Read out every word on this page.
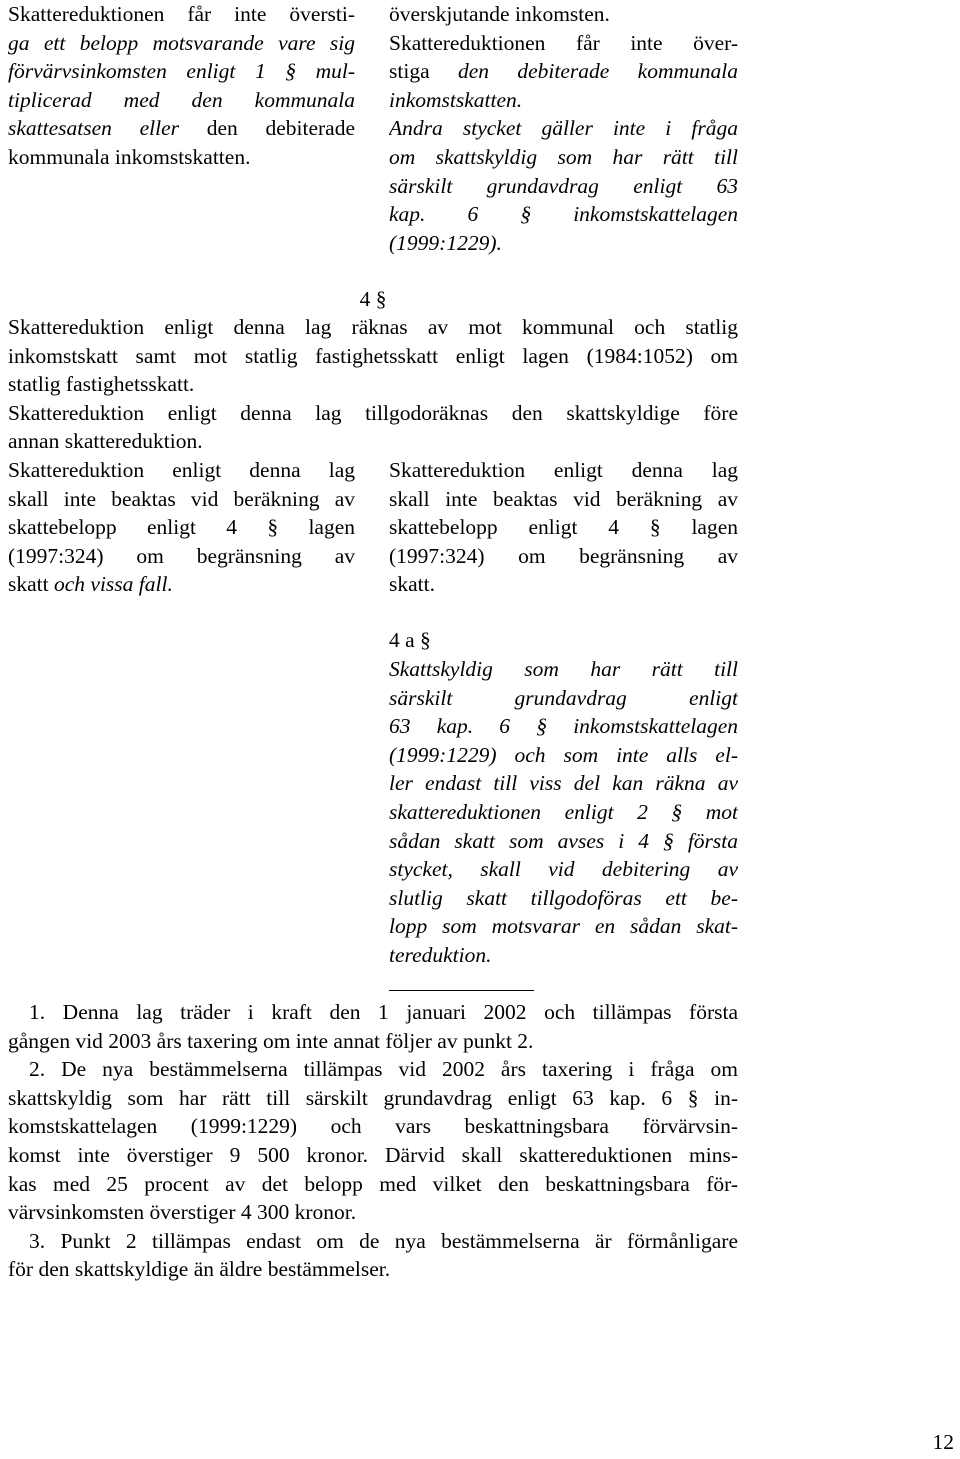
Skattereduktionen får inte översti-
ga ett belopp motsvarande vare sig
förvärvsinkomsten enligt 1 § mul-
tiplicerad med den kommunala
skattesatsen eller den debiterade
kommunala inkomstskatten.
överskjutande inkomsten.
Skattereduktionen får inte över-
stiga den debiterade kommunala
inkomstskatten.
Andra stycket gäller inte i fråga
om skattskyldig som har rätt till
särskilt grundavdrag enligt 63
kap. 6 § inkomstskattelagen
(1999:1229).
4 §
Skattereduktion enligt denna lag räknas av mot kommunal och statlig
inkomstskatt samt mot statlig fastighetsskatt enligt lagen (1984:1052) om
statlig fastighetsskatt.
Skattereduktion enligt denna lag tillgodoräknas den skattskyldige före
annan skattereduktion.
Skattereduktion enligt denna lag
skall inte beaktas vid beräkning av
skattebelopp enligt 4 § lagen
(1997:324) om begränsning av
skatt och vissa fall.
Skattereduktion enligt denna lag
skall inte beaktas vid beräkning av
skattebelopp enligt 4 § lagen
(1997:324) om begränsning av
skatt.
4 a §
Skattskyldig som har rätt till
särskilt grundavdrag enligt
63 kap. 6 § inkomstskattelagen
(1999:1229) och som inte alls el-
ler endast till viss del kan räkna av
skattereduktionen enligt 2 § mot
sådan skatt som avses i 4 § första
stycket, skall vid debitering av
slutlig skatt tillgodoföras ett be-
lopp som motsvarar en sådan skat-
tereduktion.
1. Denna lag träder i kraft den 1 januari 2002 och tillämpas första
gången vid 2003 års taxering om inte annat följer av punkt 2.
2. De nya bestämmelserna tillämpas vid 2002 års taxering i fråga om
skattskyldig som har rätt till särskilt grundavdrag enligt 63 kap. 6 § in-
komstskattelagen (1999:1229) och vars beskattningsbara förvärvsin-
komst inte överstiger 9 500 kronor. Därvid skall skattereduktionen mins-
kas med 25 procent av det belopp med vilket den beskattningsbara för-
värvsinkomsten överstiger 4 300 kronor.
3. Punkt 2 tillämpas endast om de nya bestämmelserna är förmånligare
för den skattskyldige än äldre bestämmelser.
12
